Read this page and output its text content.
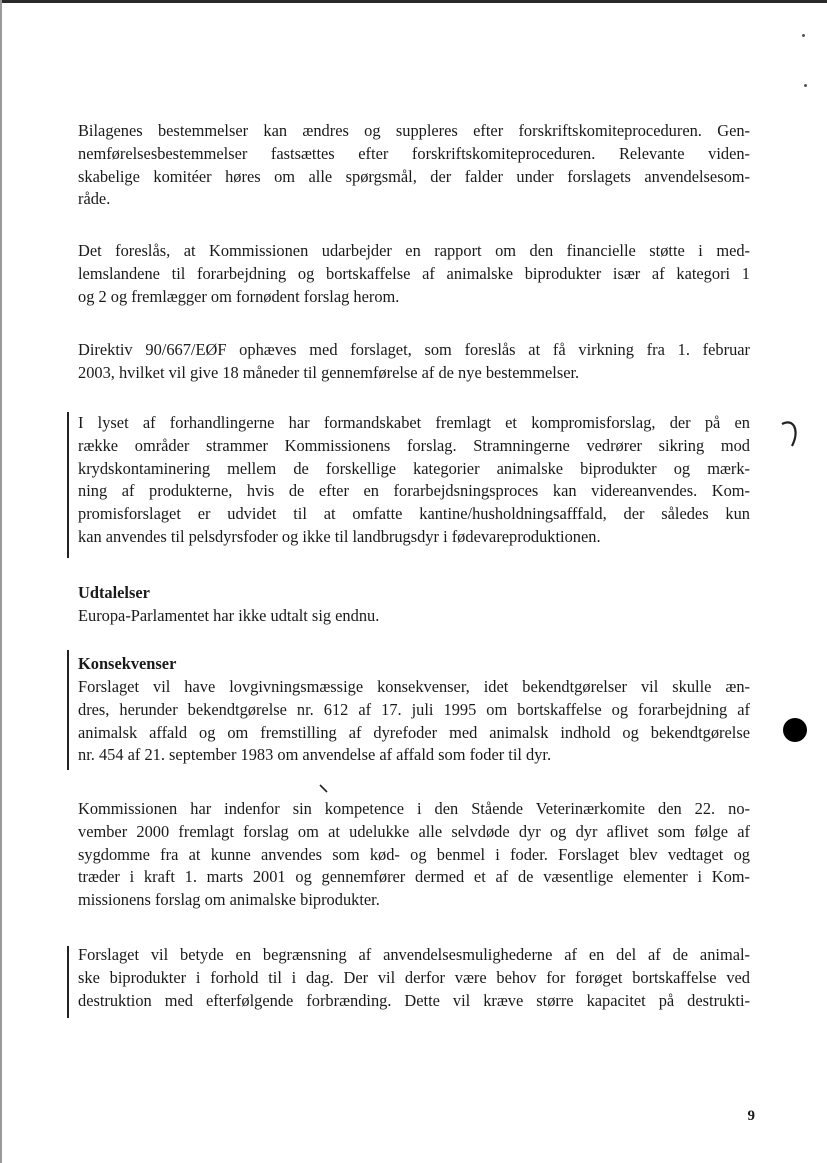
Bilagenes bestemmelser kan ændres og suppleres efter forskriftskomiteproceduren. Gen-
nemførelsesbestemmelser fastsættes efter forskriftskomiteproceduren. Relevante viden-
skabelige komitéer høres om alle spørgsmål, der falder under forslagets anvendelsesom-
råde.
Det foreslås, at Kommissionen udarbejder en rapport om den financielle støtte i med-
lemslandene til forarbejdning og bortskaffelse af animalske biprodukter især af kategori 1
og 2 og fremlægger om fornødent forslag herom.
Direktiv 90/667/EØF ophæves med forslaget, som foreslås at få virkning fra 1. februar
2003, hvilket vil give 18 måneder til gennemførelse af de nye bestemmelser.
I lyset af forhandlingerne har formandskabet fremlagt et kompromisforslag, der på en
række områder strammer Kommissionens forslag. Stramningerne vedrører sikring mod
krydskontaminering mellem de forskellige kategorier animalske biprodukter og mærk-
ning af produkterne, hvis de efter en forarbejdsningsproces kan videreanvendes. Kom-
promisforslaget er udvidet til at omfatte kantine/husholdningsafffald, der således kun
kan anvendes til pelsdyrsfoder og ikke til landbrugsdyr i fødevareproduktionen.
Udtalelser
Europa-Parlamentet har ikke udtalt sig endnu.
Konsekvenser
Forslaget vil have lovgivningsmæssige konsekvenser, idet bekendtgørelser vil skulle æn-
dres, herunder bekendtgørelse nr. 612 af 17. juli 1995 om bortskaffelse og forarbejdning af
animalsk affald og om fremstilling af dyrefoder med animalsk indhold og bekendtgørelse
nr. 454 af 21. september 1983 om anvendelse af affald som foder til dyr.
Kommissionen har indenfor sin kompetence i den Stående Veterinærkomite den 22. no-
vember 2000 fremlagt forslag om at udelukke alle selvdøde dyr og dyr aflivet som følge af
sygdomme fra at kunne anvendes som kød- og benmel i foder. Forslaget blev vedtaget og
træder i kraft 1. marts 2001 og gennemfører dermed et af de væsentlige elementer i Kom-
missionens forslag om animalske biprodukter.
Forslaget vil betyde en begrænsning af anvendelsesmulighederne af en del af de animal-
ske biprodukter i forhold til i dag. Der vil derfor være behov for forøget bortskaffelse ved
destruktion med efterfølgende forbrænding. Dette vil kræve større kapacitet på destrukti-
9
